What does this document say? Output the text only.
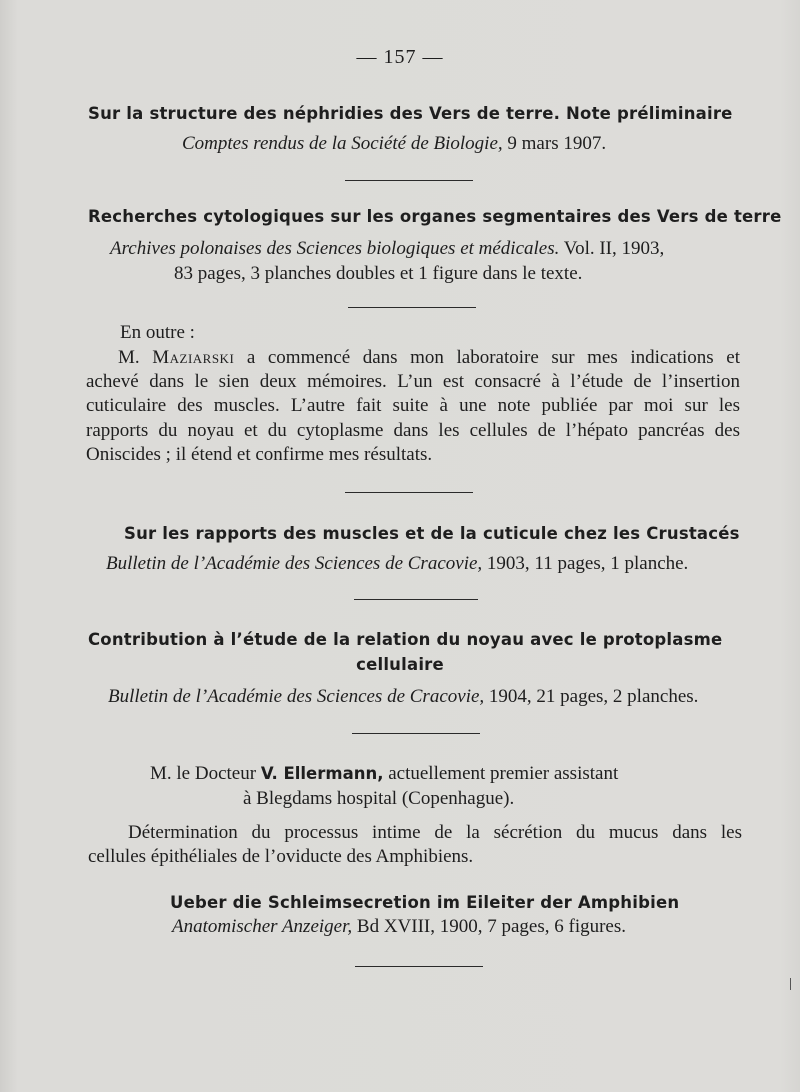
— 157 —
Sur la structure des néphridies des Vers de terre. Note préliminaire
Comptes rendus de la Société de Biologie, 9 mars 1907.
Recherches cytologiques sur les organes segmentaires des Vers de terre
Archives polonaises des Sciences biologiques et médicales. Vol. II, 1903,
83 pages, 3 planches doubles et 1 figure dans le texte.
En outre :
M. Maziarski a commencé dans mon laboratoire sur mes indications et
achevé dans le sien deux mémoires. L’un est consacré à l’étude de l’insertion
cuticulaire des muscles. L’autre fait suite à une note publiée par moi sur les
rapports du noyau et du cytoplasme dans les cellules de l’hépato pancréas des
Oniscides ; il étend et confirme mes résultats.
Sur les rapports des muscles et de la cuticule chez les Crustacés
Bulletin de l’Académie des Sciences de Cracovie, 1903, 11 pages, 1 planche.
Contribution à l’étude de la relation du noyau avec le protoplasme
cellulaire
Bulletin de l’Académie des Sciences de Cracovie, 1904, 21 pages, 2 planches.
M. le Docteur V. Ellermann, actuellement premier assistant
à Blegdams hospital (Copenhague).
Détermination du processus intime de la sécrétion du mucus dans les
cellules épithéliales de l’oviducte des Amphibiens.
Ueber die Schleimsecretion im Eileiter der Amphibien
Anatomischer Anzeiger, Bd XVIII, 1900, 7 pages, 6 figures.
